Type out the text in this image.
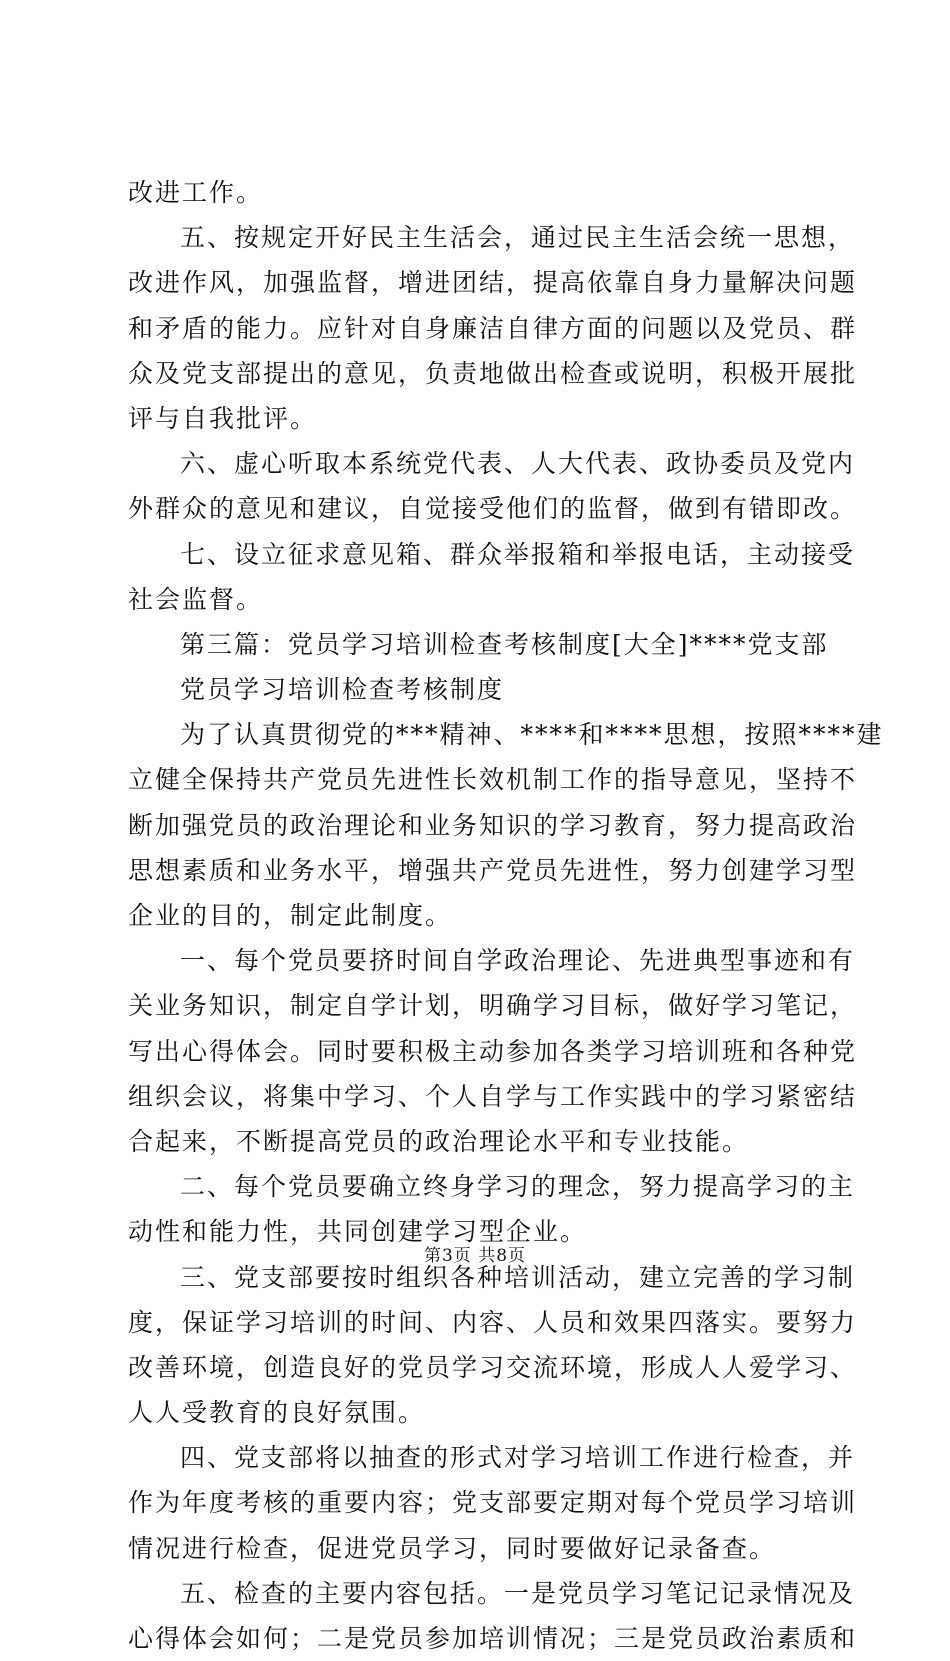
改进工作。
五、按规定开好民主生活会，通过民主生活会统一思想，
改进作风，加强监督，增进团结，提高依靠自身力量解决问题
和矛盾的能力。应针对自身廉洁自律方面的问题以及党员、群
众及党支部提出的意见，负责地做出检查或说明，积极开展批
评与自我批评。
六、虚心听取本系统党代表、人大代表、政协委员及党内
外群众的意见和建议，自觉接受他们的监督，做到有错即改。
七、设立征求意见箱、群众举报箱和举报电话，主动接受
社会监督。
第三篇：党员学习培训检查考核制度[大全]****党支部
党员学习培训检查考核制度
为了认真贯彻党的***精神、****和****思想，按照****建
立健全保持共产党员先进性长效机制工作的指导意见，坚持不
断加强党员的政治理论和业务知识的学习教育，努力提高政治
思想素质和业务水平，增强共产党员先进性，努力创建学习型
企业的目的，制定此制度。
一、每个党员要挤时间自学政治理论、先进典型事迹和有
关业务知识，制定自学计划，明确学习目标，做好学习笔记，
写出心得体会。同时要积极主动参加各类学习培训班和各种党
组织会议，将集中学习、个人自学与工作实践中的学习紧密结
合起来，不断提高党员的政治理论水平和专业技能。
二、每个党员要确立终身学习的理念，努力提高学习的主
动性和能力性，共同创建学习型企业。
三、党支部要按时组织各种培训活动，建立完善的学习制
度，保证学习培训的时间、内容、人员和效果四落实。要努力
改善环境，创造良好的党员学习交流环境，形成人人爱学习、
人人受教育的良好氛围。
四、党支部将以抽查的形式对学习培训工作进行检查，并
作为年度考核的重要内容；党支部要定期对每个党员学习培训
情况进行检查，促进党员学习，同时要做好记录备查。
五、检查的主要内容包括。一是党员学习笔记记录情况及
心得体会如何；二是党员参加培训情况；三是党员政治素质和
第3页 共8页
